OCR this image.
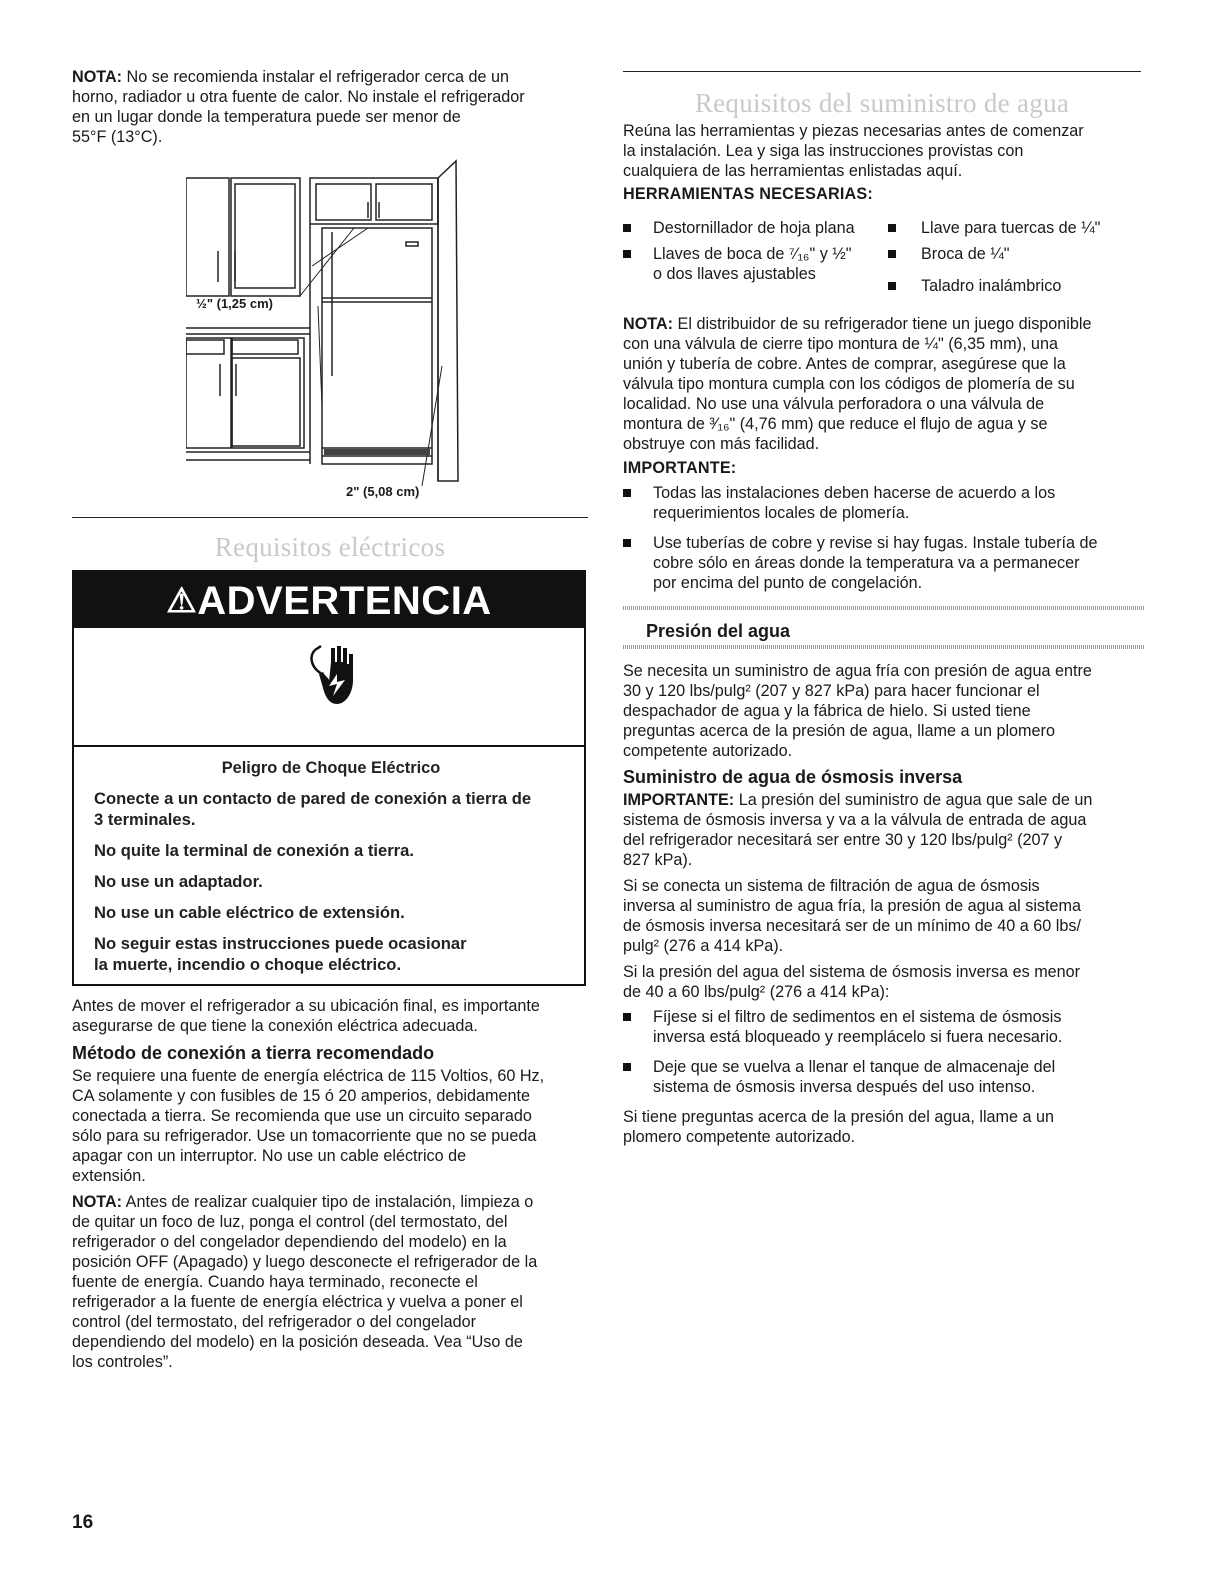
NOTA: No se recomienda instalar el refrigerador cerca de un

horno, radiador u otra fuente de calor. No instale el refrigerador

en un lugar donde la temperatura puede ser menor de

55°F (13°C).

½" (1,25 cm)
2" (5,08 cm)
Requisitos eléctricos
⚠ADVERTENCIA
Peligro de Choque Eléctrico
Conecte a un contacto de pared de conexión a tierra de
3 terminales.
No quite la terminal de conexión a tierra.
No use un adaptador.
No use un cable eléctrico de extensión.
No seguir estas instrucciones puede ocasionar
la muerte, incendio o choque eléctrico.

Antes de mover el refrigerador a su ubicación final, es importante

asegurarse de que tiene la conexión eléctrica adecuada.

Método de conexión a tierra recomendado

Se requiere una fuente de energía eléctrica de 115 Voltios, 60 Hz,

CA solamente y con fusibles de 15 ó 20 amperios, debidamente

conectada a tierra. Se recomienda que use un circuito separado

sólo para su refrigerador. Use un tomacorriente que no se pueda

apagar con un interruptor. No use un cable eléctrico de

extensión.

NOTA: Antes de realizar cualquier tipo de instalación, limpieza o

de quitar un foco de luz, ponga el control (del termostato, del

refrigerador o del congelador dependiendo del modelo) en la

posición OFF (Apagado) y luego desconecte el refrigerador de la

fuente de energía. Cuando haya terminado, reconecte el

refrigerador a la fuente de energía eléctrica y vuelva a poner el

control (del termostato, del refrigerador o del congelador

dependiendo del modelo) en la posición deseada. Vea “Uso de

los controles”.

Requisitos del suministro de agua

Reúna las herramientas y piezas necesarias antes de comenzar

la instalación. Lea y siga las instrucciones provistas con

cualquiera de las herramientas enlistadas aquí.

HERRAMIENTAS NECESARIAS:

Destornillador de hoja plana

Llaves de boca de ⁷⁄₁₆" y ½"

o dos llaves ajustables

Llave para tuercas de ¼"

Broca de ¼"

Taladro inalámbrico

NOTA: El distribuidor de su refrigerador tiene un juego disponible

con una válvula de cierre tipo montura de ¼" (6,35 mm), una

unión y tubería de cobre. Antes de comprar, asegúrese que la

válvula tipo montura cumpla con los códigos de plomería de su

localidad. No use una válvula perforadora o una válvula de

montura de ³⁄₁₆" (4,76 mm) que reduce el flujo de agua y se

obstruye con más facilidad.

IMPORTANTE:

Todas las instalaciones deben hacerse de acuerdo a los

requerimientos locales de plomería.

Use tuberías de cobre y revise si hay fugas. Instale tubería de

cobre sólo en áreas donde la temperatura va a permanecer

por encima del punto de congelación.

Presión del agua

Se necesita un suministro de agua fría con presión de agua entre

30 y 120 lbs/pulg² (207 y 827 kPa) para hacer funcionar el

despachador de agua y la fábrica de hielo. Si usted tiene

preguntas acerca de la presión de agua, llame a un plomero

competente autorizado.

Suministro de agua de ósmosis inversa

IMPORTANTE: La presión del suministro de agua que sale de un

sistema de ósmosis inversa y va a la válvula de entrada de agua

del refrigerador necesitará ser entre 30 y 120 lbs/pulg² (207 y

827 kPa).

Si se conecta un sistema de filtración de agua de ósmosis

inversa al suministro de agua fría, la presión de agua al sistema

de ósmosis inversa necesitará ser de un mínimo de 40 a 60 lbs/

pulg² (276 a 414 kPa).

Si la presión del agua del sistema de ósmosis inversa es menor

de 40 a 60 lbs/pulg² (276 a 414 kPa):

Fíjese si el filtro de sedimentos en el sistema de ósmosis

inversa está bloqueado y reemplácelo si fuera necesario.

Deje que se vuelva a llenar el tanque de almacenaje del

sistema de ósmosis inversa después del uso intenso.

Si tiene preguntas acerca de la presión del agua, llame a un

plomero competente autorizado.

16
